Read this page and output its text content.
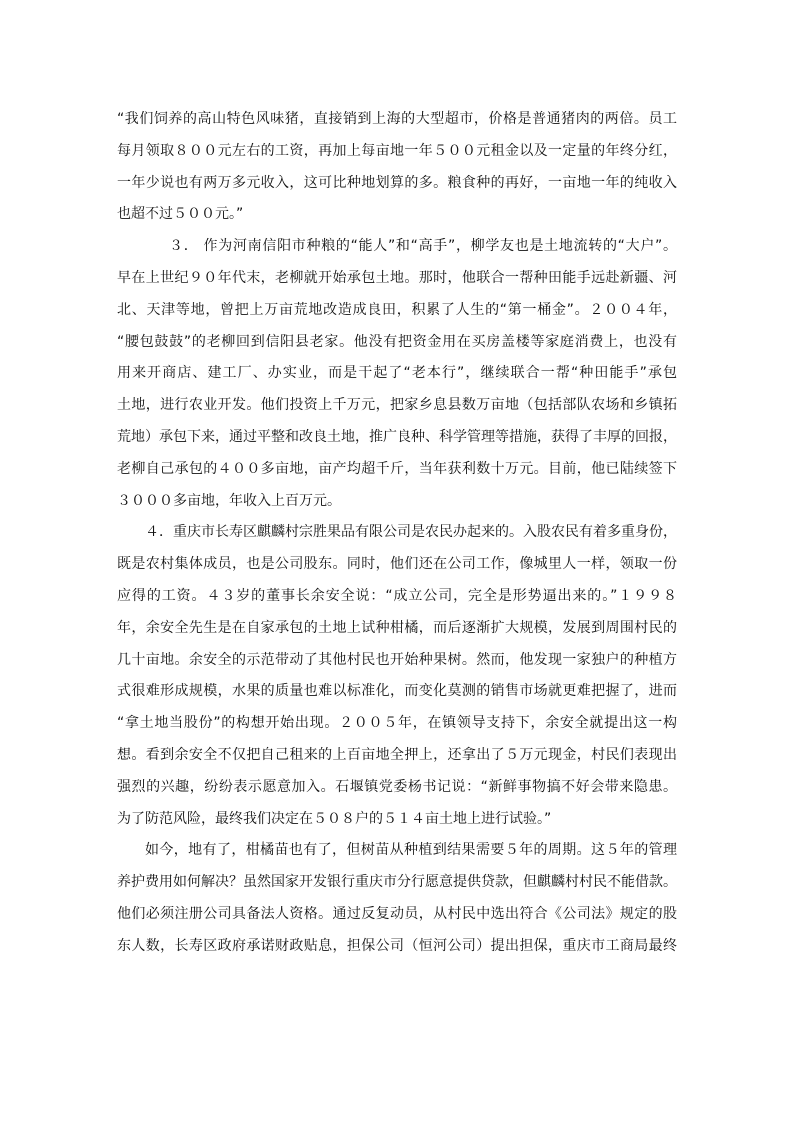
“我们饲养的高山特色风味猪，直接销到上海的大型超市，价格是普通猪肉的两倍。员工
每月领取８００元左右的工资，再加上每亩地一年５００元租金以及一定量的年终分红，
一年少说也有两万多元收入，这可比种地划算的多。粮食种的再好，一亩地一年的纯收入
也超不过５００元。”
３． 作为河南信阳市种粮的“能人”和“高手”，柳学友也是土地流转的“大户”。
早在上世纪９０年代末，老柳就开始承包土地。那时，他联合一帮种田能手远赴新疆、河
北、天津等地，曾把上万亩荒地改造成良田，积累了人生的“第一桶金”。２００４年，
“腰包鼓鼓”的老柳回到信阳县老家。他没有把资金用在买房盖楼等家庭消费上，也没有
用来开商店、建工厂、办实业，而是干起了“老本行”，继续联合一帮“种田能手”承包
土地，进行农业开发。他们投资上千万元，把家乡息县数万亩地（包括部队农场和乡镇拓
荒地）承包下来，通过平整和改良土地，推广良种、科学管理等措施，获得了丰厚的回报，
老柳自己承包的４００多亩地，亩产均超千斤，当年获利数十万元。目前，他已陆续签下
３０００多亩地，年收入上百万元。
４．重庆市长寿区麒麟村宗胜果品有限公司是农民办起来的。入股农民有着多重身份，
既是农村集体成员，也是公司股东。同时，他们还在公司工作，像城里人一样，领取一份
应得的工资。４３岁的董事长余安全说：“成立公司，完全是形势逼出来的。”１９９８
年，余安全先生是在自家承包的土地上试种柑橘，而后逐渐扩大规模，发展到周围村民的
几十亩地。余安全的示范带动了其他村民也开始种果树。然而，他发现一家独户的种植方
式很难形成规模，水果的质量也难以标准化，而变化莫测的销售市场就更难把握了，进而
“拿土地当股份”的构想开始出现。２００５年，在镇领导支持下，余安全就提出这一构
想。看到余安全不仅把自己租来的上百亩地全押上，还拿出了５万元现金，村民们表现出
强烈的兴趣，纷纷表示愿意加入。石堰镇党委杨书记说：“新鲜事物搞不好会带来隐患。
为了防范风险，最终我们决定在５０８户的５１４亩土地上进行试验。”
如今，地有了，柑橘苗也有了，但树苗从种植到结果需要５年的周期。这５年的管理
养护费用如何解决？虽然国家开发银行重庆市分行愿意提供贷款，但麒麟村村民不能借款。
他们必须注册公司具备法人资格。通过反复动员，从村民中选出符合《公司法》规定的股
东人数，长寿区政府承诺财政贴息，担保公司（恒河公司）提出担保，重庆市工商局最终
